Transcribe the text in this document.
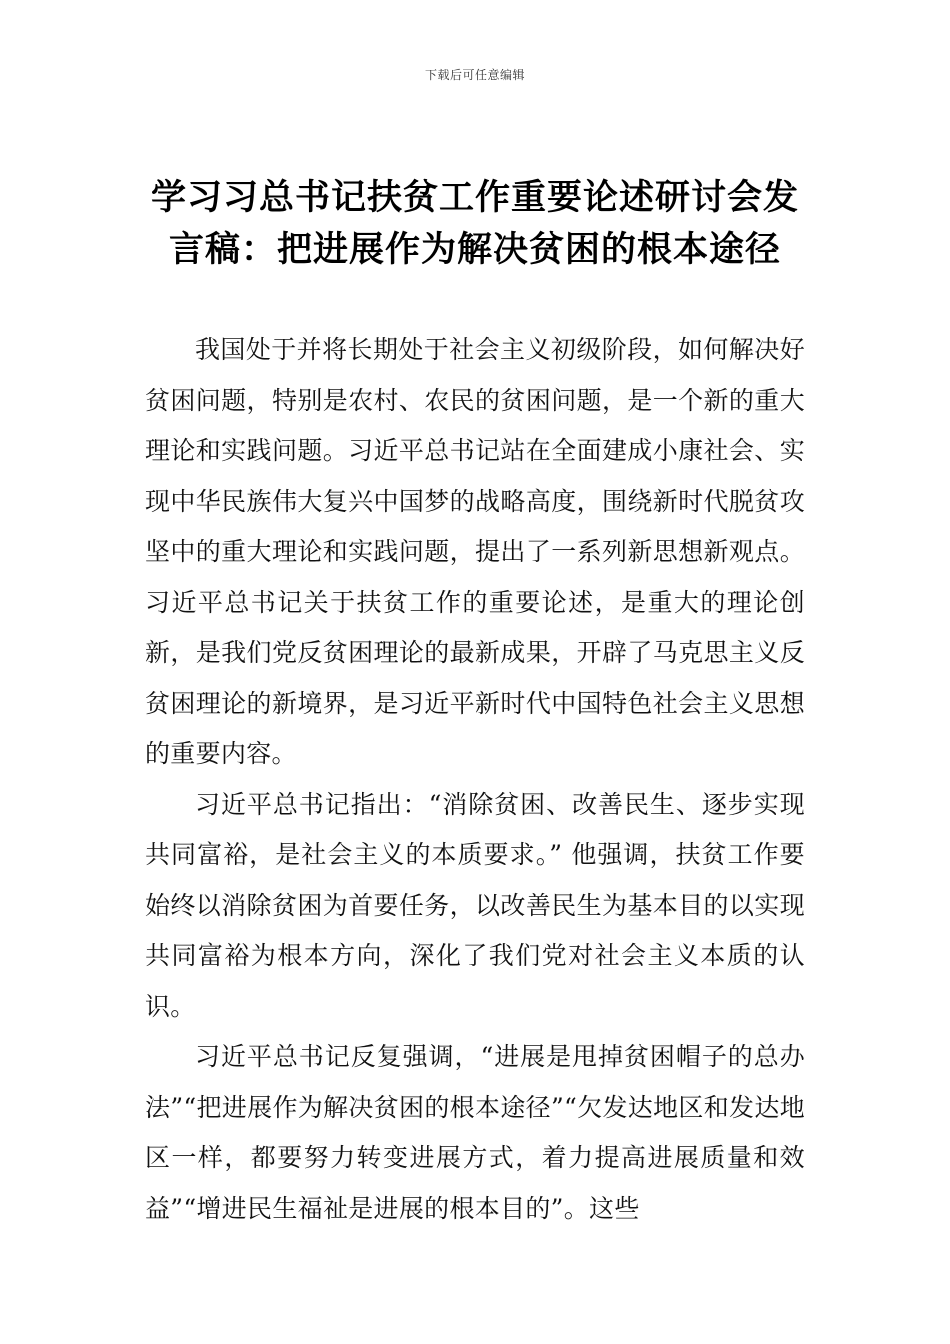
下载后可任意编辑
学习习总书记扶贫工作重要论述研讨会发言稿：把进展作为解决贫困的根本途径

我国处于并将长期处于社会主义初级阶段，如何解决好贫困问题，特别是农村、农民的贫困问题，是一个新的重大理论和实践问题。习近平总书记站在全面建成小康社会、实现中华民族伟大复兴中国梦的战略高度，围绕新时代脱贫攻坚中的重大理论和实践问题，提出了一系列新思想新观点。习近平总书记关于扶贫工作的重要论述，是重大的理论创新，是我们党反贫困理论的最新成果，开辟了马克思主义反贫困理论的新境界，是习近平新时代中国特色社会主义思想的重要内容。

习近平总书记指出：“消除贫困、改善民生、逐步实现共同富裕，是社会主义的本质要求。” 他强调，扶贫工作要始终以消除贫困为首要任务，以改善民生为基本目的以实现共同富裕为根本方向，深化了我们党对社会主义本质的认识。

习近平总书记反复强调，“进展是甩掉贫困帽子的总办法”“把进展作为解决贫困的根本途径”“欠发达地区和发达地区一样，都要努力转变进展方式，着力提高进展质量和效益”“增进民生福祉是进展的根本目的”。这些
